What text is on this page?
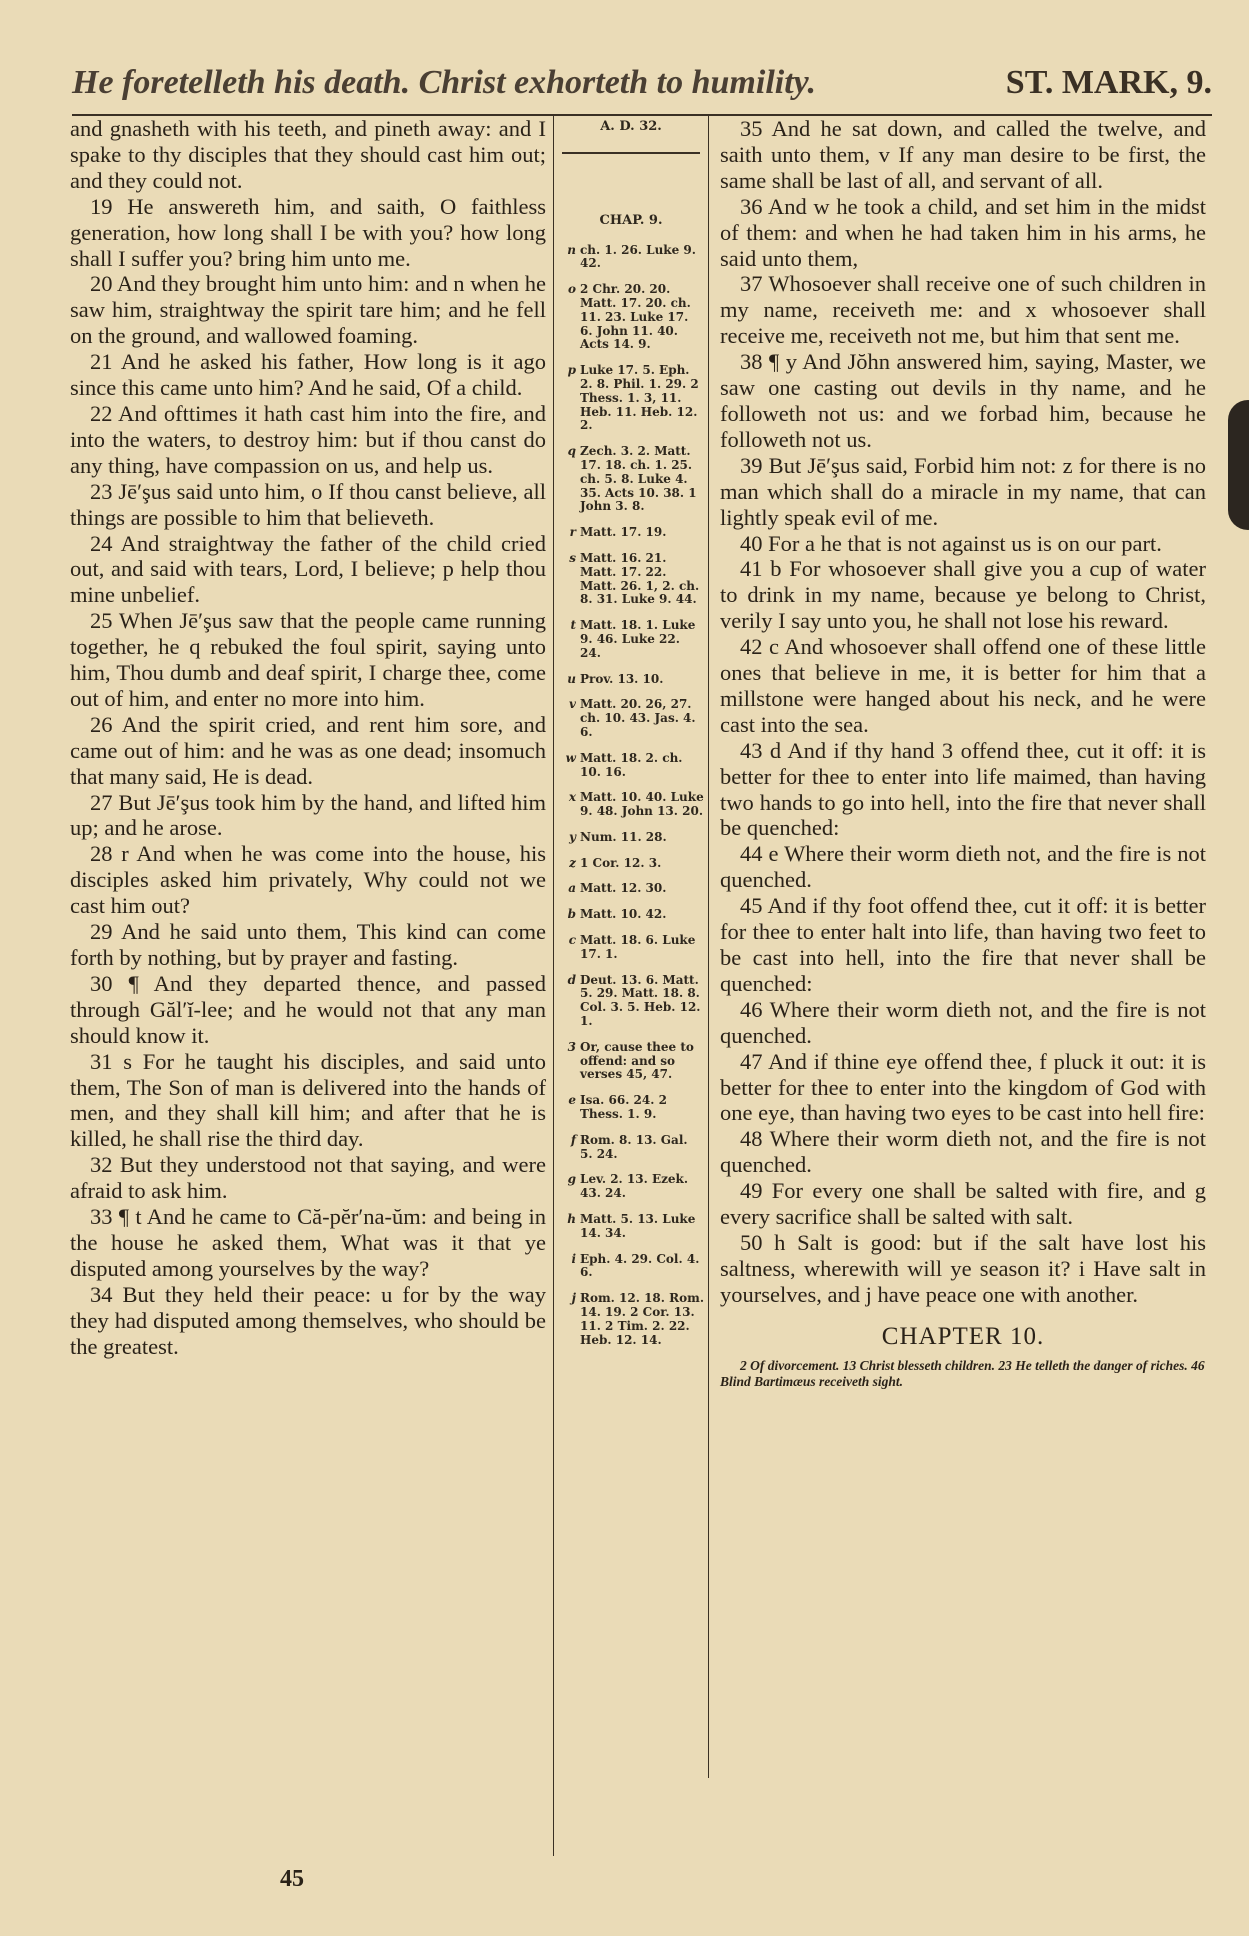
He foretelleth his death. Christ exhorteth to humility.	ST. MARK, 9.

and gnasheth with his teeth, and pineth away: and I spake to thy disciples that they should cast him out; and they could not.

19 He answereth him, and saith, O faithless generation, how long shall I be with you? how long shall I suffer you? bring him unto me.

20 And they brought him unto him: and n when he saw him, straightway the spirit tare him; and he fell on the ground, and wallowed foaming.

21 And he asked his father, How long is it ago since this came unto him? And he said, Of a child.

22 And ofttimes it hath cast him into the fire, and into the waters, to destroy him: but if thou canst do any thing, have compassion on us, and help us.

23 Jē′şus said unto him, o If thou canst believe, all things are possible to him that believeth.

24 And straightway the father of the child cried out, and said with tears, Lord, I believe; p help thou mine unbelief.

25 When Jē′şus saw that the people came running together, he q rebuked the foul spirit, saying unto him, Thou dumb and deaf spirit, I charge thee, come out of him, and enter no more into him.

26 And the spirit cried, and rent him sore, and came out of him: and he was as one dead; insomuch that many said, He is dead.

27 But Jē′şus took him by the hand, and lifted him up; and he arose.

28 r And when he was come into the house, his disciples asked him privately, Why could not we cast him out?

29 And he said unto them, This kind can come forth by nothing, but by prayer and fasting.

30 ¶ And they departed thence, and passed through Găl′ĭ-lee; and he would not that any man should know it.

31 s For he taught his disciples, and said unto them, The Son of man is delivered into the hands of men, and they shall kill him; and after that he is killed, he shall rise the third day.

32 But they understood not that saying, and were afraid to ask him.

33 ¶ t And he came to Că-pĕr′na-ŭm: and being in the house he asked them, What was it that ye disputed among yourselves by the way?

34 But they held their peace: u for by the way they had disputed among themselves, who should be the greatest.

A. D. 32.
CHAP. 9.
n ch. 1. 26. Luke 9. 42.
o 2 Chr. 20. 20. Matt. 17. 20. ch. 11. 23. Luke 17. 6. John 11. 40. Acts 14. 9.
p Luke 17. 5. Eph. 2. 8. Phil. 1. 29. 2 Thess. 1. 3, 11. Heb. 11. Heb. 12. 2.
q Zech. 3. 2. Matt. 17. 18. ch. 1. 25. ch. 5. 8. Luke 4. 35. Acts 10. 38. 1 John 3. 8.
r Matt. 17. 19.
s Matt. 16. 21. Matt. 17. 22. Matt. 26. 1, 2. ch. 8. 31. Luke 9. 44.
t Matt. 18. 1. Luke 9. 46. Luke 22. 24.
u Prov. 13. 10.
v Matt. 20. 26, 27. ch. 10. 43. Jas. 4. 6.
w Matt. 18. 2. ch. 10. 16.
x Matt. 10. 40. Luke 9. 48. John 13. 20.
y Num. 11. 28.
z 1 Cor. 12. 3.
a Matt. 12. 30.
b Matt. 10. 42.
c Matt. 18. 6. Luke 17. 1.
d Deut. 13. 6. Matt. 5. 29. Matt. 18. 8. Col. 3. 5. Heb. 12. 1.
3 Or, cause thee to offend: and so verses 45, 47.
e Isa. 66. 24. 2 Thess. 1. 9.
f Rom. 8. 13. Gal. 5. 24.
g Lev. 2. 13. Ezek. 43. 24.
h Matt. 5. 13. Luke 14. 34.
i Eph. 4. 29. Col. 4. 6.
j Rom. 12. 18. Rom. 14. 19. 2 Cor. 13. 11. 2 Tim. 2. 22. Heb. 12. 14.

35 And he sat down, and called the twelve, and saith unto them, v If any man desire to be first, the same shall be last of all, and servant of all.

36 And w he took a child, and set him in the midst of them: and when he had taken him in his arms, he said unto them,

37 Whosoever shall receive one of such children in my name, receiveth me: and x whosoever shall receive me, receiveth not me, but him that sent me.

38 ¶ y And Jŏhn answered him, saying, Master, we saw one casting out devils in thy name, and he followeth not us: and we forbad him, because he followeth not us.

39 But Jē′şus said, Forbid him not: z for there is no man which shall do a miracle in my name, that can lightly speak evil of me.

40 For a he that is not against us is on our part.

41 b For whosoever shall give you a cup of water to drink in my name, because ye belong to Christ, verily I say unto you, he shall not lose his reward.

42 c And whosoever shall offend one of these little ones that believe in me, it is better for him that a millstone were hanged about his neck, and he were cast into the sea.

43 d And if thy hand 3 offend thee, cut it off: it is better for thee to enter into life maimed, than having two hands to go into hell, into the fire that never shall be quenched:

44 e Where their worm dieth not, and the fire is not quenched.

45 And if thy foot offend thee, cut it off: it is better for thee to enter halt into life, than having two feet to be cast into hell, into the fire that never shall be quenched:

46 Where their worm dieth not, and the fire is not quenched.

47 And if thine eye offend thee, f pluck it out: it is better for thee to enter into the kingdom of God with one eye, than having two eyes to be cast into hell fire:

48 Where their worm dieth not, and the fire is not quenched.

49 For every one shall be salted with fire, and g every sacrifice shall be salted with salt.

50 h Salt is good: but if the salt have lost his saltness, wherewith will ye season it? i Have salt in yourselves, and j have peace one with another.

CHAPTER 10.

2 Of divorcement. 13 Christ blesseth children. 23 He telleth the danger of riches. 46 Blind Bartimæus receiveth sight.

45
